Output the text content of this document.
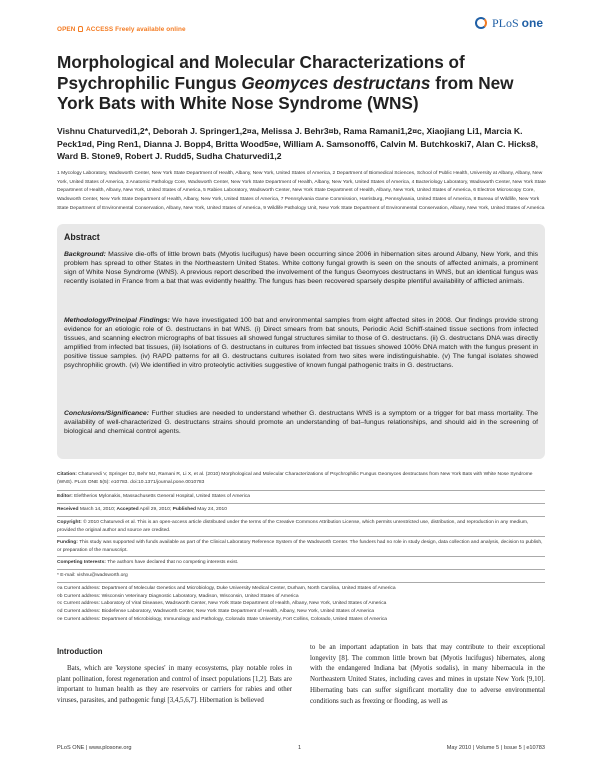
OPEN ACCESS Freely available online	PLoS one
Morphological and Molecular Characterizations of Psychrophilic Fungus Geomyces destructans from New York Bats with White Nose Syndrome (WNS)
Vishnu Chaturvedi1,2*, Deborah J. Springer1,2¤a, Melissa J. Behr3¤b, Rama Ramani1,2¤c, Xiaojiang Li1, Marcia K. Peck1¤d, Ping Ren1, Dianna J. Bopp4, Britta Wood5¤e, William A. Samsonoff6, Calvin M. Butchkoski7, Alan C. Hicks8, Ward B. Stone9, Robert J. Rudd5, Sudha Chaturvedi1,2
1 Mycology Laboratory, Wadsworth Center, New York State Department of Health, Albany, New York, United States of America, 2 Department of Biomedical Sciences, School of Public Health, University at Albany, Albany, New York, United States of America, 3 Anatomic Pathology Core, Wadsworth Center, New York State Department of Health, Albany, New York, United States of America, 4 Bacteriology Laboratory, Wadsworth Center, New York State Department of Health, Albany, New York, United States of America, 5 Rabies Laboratory, Wadsworth Center, New York State Department of Health, Albany, New York, United States of America, 6 Electron Microscopy Core, Wadsworth Center, New York State Department of Health, Albany, New York, United States of America, 7 Pennsylvania Game Commission, Harrisburg, Pennsylvania, United States of America, 8 Bureau of Wildlife, New York State Department of Environmental Conservation, Albany, New York, United States of America, 9 Wildlife Pathology Unit, New York State Department of Environmental Conservation, Albany, New York, United States of America
Abstract

Background: Massive die-offs of little brown bats (Myotis lucifugus) have been occurring since 2006 in hibernation sites around Albany, New York, and this problem has spread to other States in the Northeastern United States. White cottony fungal growth is seen on the snouts of affected animals, a prominent sign of White Nose Syndrome (WNS). A previous report described the involvement of the fungus Geomyces destructans in WNS, but an identical fungus was recently isolated in France from a bat that was evidently healthy. The fungus has been recovered sparsely despite plentiful availability of afflicted animals.

Methodology/Principal Findings: We have investigated 100 bat and environmental samples from eight affected sites in 2008. Our findings provide strong evidence for an etiologic role of G. destructans in bat WNS. (i) Direct smears from bat snouts, Periodic Acid Schiff-stained tissue sections from infected tissues, and scanning electron micrographs of bat tissues all showed fungal structures similar to those of G. destructans. (ii) G. destructans DNA was directly amplified from infected bat tissues, (iii) Isolations of G. destructans in cultures from infected bat tissues showed 100% DNA match with the fungus present in positive tissue samples. (iv) RAPD patterns for all G. destructans cultures isolated from two sites were indistinguishable. (v) The fungal isolates showed psychrophilic growth. (vi) We identified in vitro proteolytic activities suggestive of known fungal pathogenic traits in G. destructans.

Conclusions/Significance: Further studies are needed to understand whether G. destructans WNS is a symptom or a trigger for bat mass mortality. The availability of well-characterized G. destructans strains should promote an understanding of bat–fungus relationships, and should aid in the screening of biological and chemical control agents.

Citation: Chaturvedi V, Springer DJ, Behr MJ, Ramani R, Li X, et al. (2010) Morphological and Molecular Characterizations of Psychrophilic Fungus Geomyces destructans from New York Bats with White Nose Syndrome (WNS). PLoS ONE 5(5): e10783. doi:10.1371/journal.pone.0010783

Editor: Eleftherios Mylonakis, Massachusetts General Hospital, United States of America

Received March 14, 2010; Accepted April 29, 2010; Published May 24, 2010

Copyright: © 2010 Chaturvedi et al. This is an open-access article distributed under the terms of the Creative Commons Attribution License, which permits unrestricted use, distribution, and reproduction in any medium, provided the original author and source are credited.

Funding: This study was supported with funds available as part of the Clinical Laboratory Reference System of the Wadsworth Center. The funders had no role in study design, data collection and analysis, decision to publish, or preparation of the manuscript.

Competing Interests: The authors have declared that no competing interests exist.

* E-mail: vishnu@wadsworth.org

¤a Current address: Department of Molecular Genetics and Microbiology, Duke University Medical Center, Durham, North Carolina, United States of America
¤b Current address: Wisconsin Veterinary Diagnostic Laboratory, Madison, Wisconsin, United States of America
¤c Current address: Laboratory of Viral Diseases, Wadsworth Center, New York State Department of Health, Albany, New York, United States of America
¤d Current address: Biodefense Laboratory, Wadsworth Center, New York State Department of Health, Albany, New York, United States of America
¤e Current address: Department of Microbiology, Immunology and Pathology, Colorado State University, Fort Collins, Colorado, United States of America
Introduction

Bats, which are 'keystone species' in many ecosystems, play notable roles in plant pollination, forest regeneration and control of insect populations [1,2]. Bats are important to human health as they are reservoirs or carriers for rabies and other viruses, parasites, and pathogenic fungi [3,4,5,6,7]. Hibernation is believed

to be an important adaptation in bats that may contribute to their exceptional longevity [8]. The common little brown bat (Myotis lucifugus) hibernates, along with the endangered Indiana bat (Myotis sodalis), in many hibernacula in the Northeastern United States, including caves and mines in upstate New York [9,10]. Hibernating bats can suffer significant mortality due to adverse environmental conditions such as freezing or flooding, as well as

PLoS ONE | www.plosone.org	1	May 2010 | Volume 5 | Issue 5 | e10783
